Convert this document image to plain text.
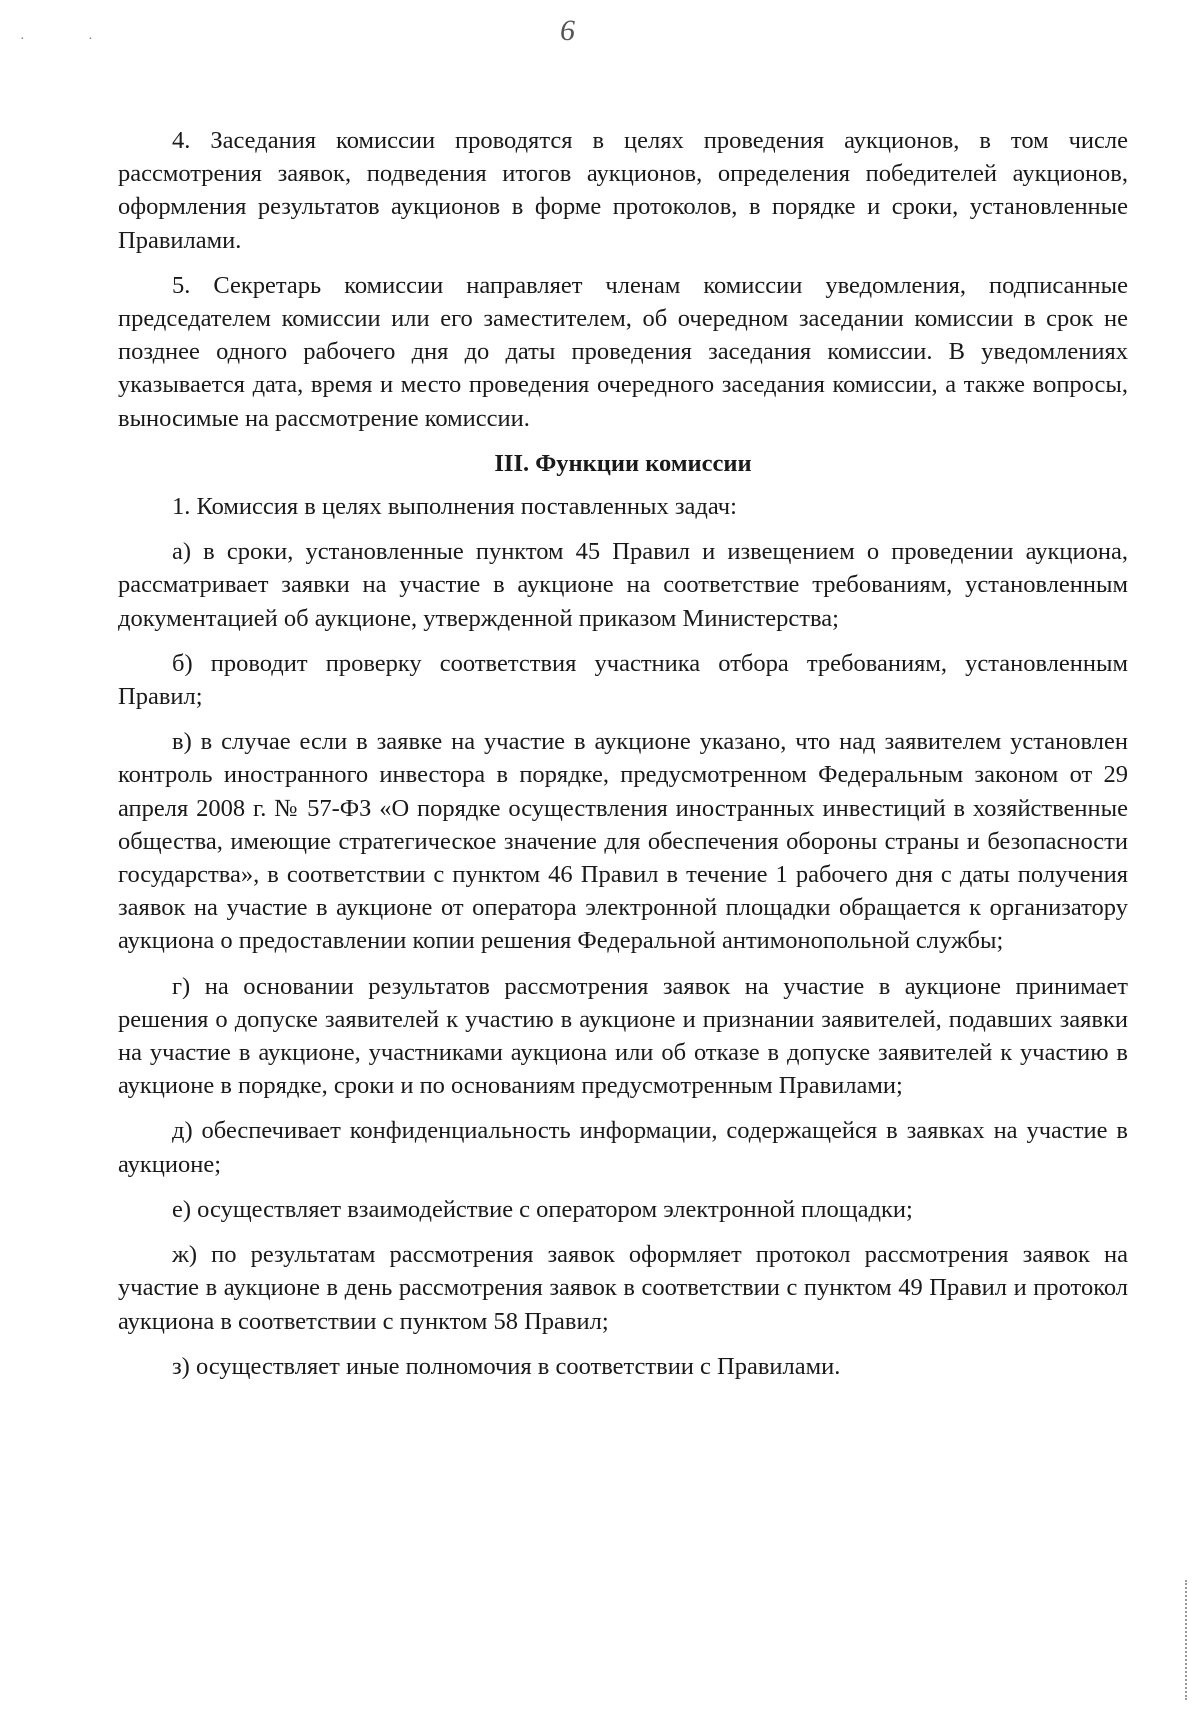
· ·	6

4. Заседания комиссии проводятся в целях проведения аукционов, в том числе рассмотрения заявок, подведения итогов аукционов, определения победителей аукционов, оформления результатов аукционов в форме протоколов, в порядке и сроки, установленные Правилами.

5. Секретарь комиссии направляет членам комиссии уведомления, подписанные председателем комиссии или его заместителем, об очередном заседании комиссии в срок не позднее одного рабочего дня до даты проведения заседания комиссии. В уведомлениях указывается дата, время и место проведения очередного заседания комиссии, а также вопросы, выносимые на рассмотрение комиссии.

III. Функции комиссии

1. Комиссия в целях выполнения поставленных задач:

а) в сроки, установленные пунктом 45 Правил и извещением о проведении аукциона, рассматривает заявки на участие в аукционе на соответствие требованиям, установленным документацией об аукционе, утвержденной приказом Министерства;

б) проводит проверку соответствия участника отбора требованиям, установленным Правил;

в) в случае если в заявке на участие в аукционе указано, что над заявителем установлен контроль иностранного инвестора в порядке, предусмотренном Федеральным законом от 29 апреля 2008 г. № 57-ФЗ «О порядке осуществления иностранных инвестиций в хозяйственные общества, имеющие стратегическое значение для обеспечения обороны страны и безопасности государства», в соответствии с пунктом 46 Правил в течение 1 рабочего дня с даты получения заявок на участие в аукционе от оператора электронной площадки обращается к организатору аукциона о предоставлении копии решения Федеральной антимонопольной службы;

г) на основании результатов рассмотрения заявок на участие в аукционе принимает решения о допуске заявителей к участию в аукционе и признании заявителей, подавших заявки на участие в аукционе, участниками аукциона или об отказе в допуске заявителей к участию в аукционе в порядке, сроки и по основаниям предусмотренным Правилами;

д) обеспечивает конфиденциальность информации, содержащейся в заявках на участие в аукционе;

е) осуществляет взаимодействие с оператором электронной площадки;

ж) по результатам рассмотрения заявок оформляет протокол рассмотрения заявок на участие в аукционе в день рассмотрения заявок в соответствии с пунктом 49 Правил и протокол аукциона в соответствии с пунктом 58 Правил;

з) осуществляет иные полномочия в соответствии с Правилами.
